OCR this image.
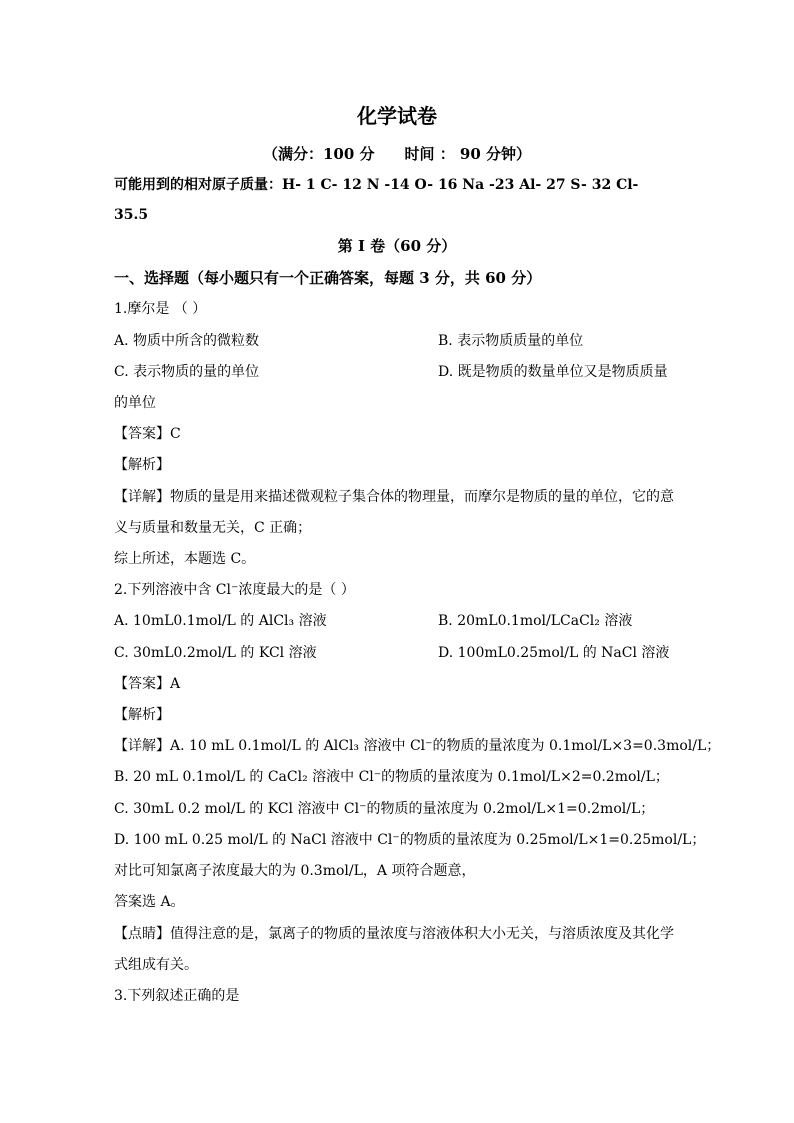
化学试卷
（满分：100 分　　时间 ： 90 分钟）
可能用到的相对原子质量：H- 1 C- 12 N -14 O- 16 Na -23 Al- 27 S- 32 Cl-
35.5
第 I 卷（60 分）
一、选择题（每小题只有一个正确答案，每题 3 分，共 60 分）
1.摩尔是 （ ）
A. 物质中所含的微粒数	B. 表示物质质量的单位
C. 表示物质的量的单位	D. 既是物质的数量单位又是物质质量
的单位
【答案】C
【解析】
【详解】物质的量是用来描述微观粒子集合体的物理量，而摩尔是物质的量的单位，它的意
义与质量和数量无关，C 正确；
综上所述，本题选 C。
2.下列溶液中含 Cl⁻浓度最大的是（ ）
A. 10mL0.1mol/L 的 AlCl₃ 溶液	B. 20mL0.1mol/LCaCl₂ 溶液
C. 30mL0.2mol/L 的 KCl 溶液	D. 100mL0.25mol/L 的 NaCl 溶液
【答案】A
【解析】
【详解】A. 10 mL 0.1mol/L 的 AlCl₃ 溶液中 Cl⁻的物质的量浓度为 0.1mol/L×3=0.3mol/L；
B. 20 mL 0.1mol/L 的 CaCl₂ 溶液中 Cl⁻的物质的量浓度为 0.1mol/L×2=0.2mol/L；
C. 30mL 0.2 mol/L 的 KCl 溶液中 Cl⁻的物质的量浓度为 0.2mol/L×1=0.2mol/L；
D. 100 mL 0.25 mol/L 的 NaCl 溶液中 Cl⁻的物质的量浓度为 0.25mol/L×1=0.25mol/L；
对比可知氯离子浓度最大的为 0.3mol/L，A 项符合题意，
答案选 A。
【点睛】值得注意的是，氯离子的物质的量浓度与溶液体积大小无关，与溶质浓度及其化学
式组成有关。
3.下列叙述正确的是
